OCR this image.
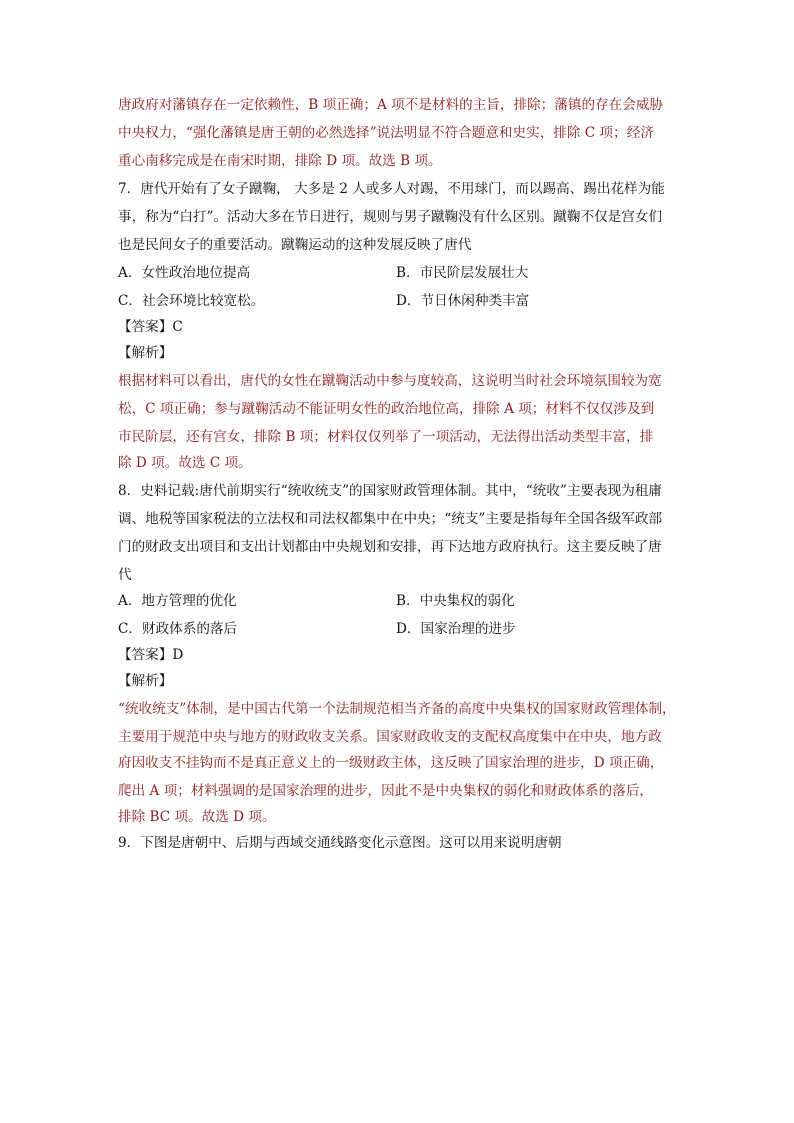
唐政府对藩镇存在一定依赖性，B 项正确；A 项不是材料的主旨，排除；藩镇的存在会威胁
中央权力，“强化藩镇是唐王朝的必然选择”说法明显不符合题意和史实，排除 C 项；经济
重心南移完成是在南宋时期，排除 D 项。故选 B 项。
7．唐代开始有了女子蹴鞠， 大多是 2 人或多人对踢，不用球门，而以踢高、踢出花样为能
事，称为“白打”。活动大多在节日进行，规则与男子蹴鞠没有什么区别。蹴鞠不仅是宫女们
也是民间女子的重要活动。蹴鞠运动的这种发展反映了唐代
A．女性政治地位提高	B．市民阶层发展壮大
C．社会环境比较宽松。	D．节日休闲种类丰富
【答案】C
【解析】
根据材料可以看出，唐代的女性在蹴鞠活动中参与度较高，这说明当时社会环境氛围较为宽
松，C 项正确；参与蹴鞠活动不能证明女性的政治地位高，排除 A 项；材料不仅仅涉及到
市民阶层，还有宫女，排除 B 项；材料仅仅列举了一项活动，无法得出活动类型丰富，排
除 D 项。故选 C 项。
8．史料记载:唐代前期实行“统收统支”的国家财政管理体制。其中，“统收”主要表现为租庸
调、地税等国家税法的立法权和司法权都集中在中央；“统支”主要是指每年全国各级军政部
门的财政支出项目和支出计划都由中央规划和安排，再下达地方政府执行。这主要反映了唐
代
A．地方管理的优化	B．中央集权的弱化
C．财政体系的落后	D．国家治理的进步
【答案】D
【解析】
“统收统支”体制，是中国古代第一个法制规范相当齐备的高度中央集权的国家财政管理体制，
主要用于规范中央与地方的财政收支关系。国家财政收支的支配权高度集中在中央，地方政
府因收支不挂钩而不是真正意义上的一级财政主体，这反映了国家治理的进步，D 项正确，
爬出 A 项；材料强调的是国家治理的进步，因此不是中央集权的弱化和财政体系的落后，
排除 BC 项。故选 D 项。
9．下图是唐朝中、后期与西域交通线路变化示意图。这可以用来说明唐朝
